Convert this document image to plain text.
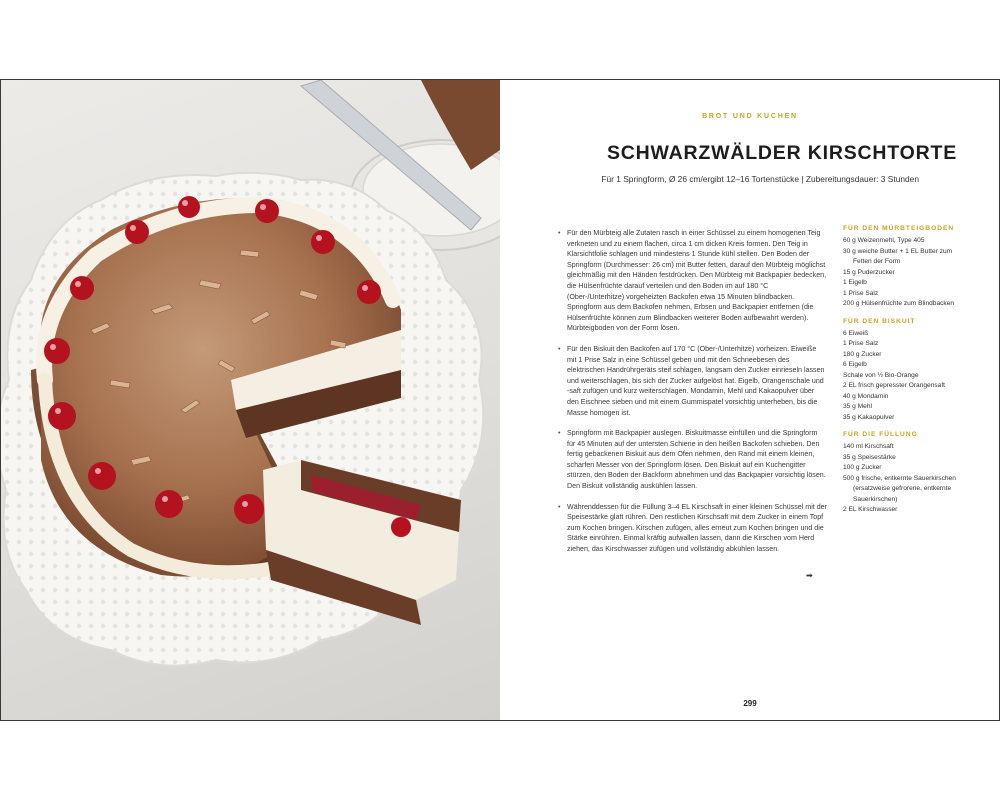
BROT UND KUCHEN
SCHWARZWÄLDER KIRSCHTORTE
Für 1 Springform, Ø 26 cm/ergibt 12–16 Tortenstücke | Zubereitungsdauer: 3 Stunden
• Für den Mürbteig alle Zutaten rasch in einer Schüssel zu einem homogenen Teig verkneten und zu einem flachen, circa 1 cm dicken Kreis formen. Den Teig in Klarsichtfolie schlagen und mindestens 1 Stunde kühl stellen. Den Boden der Springform (Durchmesser: 26 cm) mit Butter fetten, darauf den Mürbteig möglichst gleichmäßig mit den Händen festdrücken. Den Mürbteig mit Backpapier bedecken, die Hülsenfrüchte darauf verteilen und den Boden im auf 180 °C (Ober-/Unterhitze) vorgeheizten Backofen etwa 15 Minuten blindbacken. Springform aus dem Backofen nehmen, Erbsen und Backpapier entfernen (die Hülsenfrüchte können zum Blindbacken weiterer Boden aufbewahrt werden). Mürbteigboden von der Form lösen.
• Für den Biskuit den Backofen auf 170 °C (Ober-/Unterhitze) vorheizen. Eiweiße mit 1 Prise Salz in eine Schüssel geben und mit den Schneebesen des elektrischen Handrührgeräts steif schlagen, langsam den Zucker einrieseln lassen und weiterschlagen, bis sich der Zucker aufgelöst hat. Eigelb, Orangenschale und -saft zufügen und kurz weiterschlagen. Mondamin, Mehl und Kakaopulver über den Eischnee sieben und mit einem Gummispatel vorsichtig unterheben, bis die Masse homogen ist.
• Springform mit Backpapier auslegen. Biskuitmasse einfüllen und die Springform für 45 Minuten auf der untersten Schiene in den heißen Backofen schieben. Den fertig gebackenen Biskuit aus dem Ofen nehmen, den Rand mit einem kleinen, scharfen Messer von der Springform lösen. Den Biskuit auf ein Kuchengitter stürzen, den Boden der Backform abnehmen und das Backpapier vorsichtig lösen. Den Biskuit vollständig auskühlen lassen.
• Währenddessen für die Füllung 3–4 EL Kirschsaft in einer kleinen Schüssel mit der Speisestärke glatt rühren. Den restlichen Kirschsaft mit dem Zucker in einem Topf zum Kochen bringen. Kirschen zufügen, alles erneut zum Kochen bringen und die Stärke einrühren. Einmal kräftig aufwallen lassen, dann die Kirschen vom Herd ziehen, das Kirschwasser zufügen und vollständig abkühlen lassen.
FÜR DEN MÜRBTEIGBODEN
60 g Weizenmehl, Type 405
30 g weiche Butter + 1 EL Butter zum Fetten der Form
15 g Puderzucker
1 Eigelb
1 Prise Salz
200 g Hülsenfrüchte zum Blindbacken
FÜR DEN BISKUIT
6 Eiweiß
1 Prise Salz
180 g Zucker
6 Eigelb
Schale von ½ Bio-Orange
2 EL frisch gepresster Orangensaft
40 g Mondamin
35 g Mehl
35 g Kakaopulver
FÜR DIE FÜLLUNG
140 ml Kirschsaft
35 g Speisestärke
100 g Zucker
500 g frische, entkernte Sauerkirschen (ersatzweise gefrorene, entkernte Sauerkirschen)
2 EL Kirschwasser
➡
299
